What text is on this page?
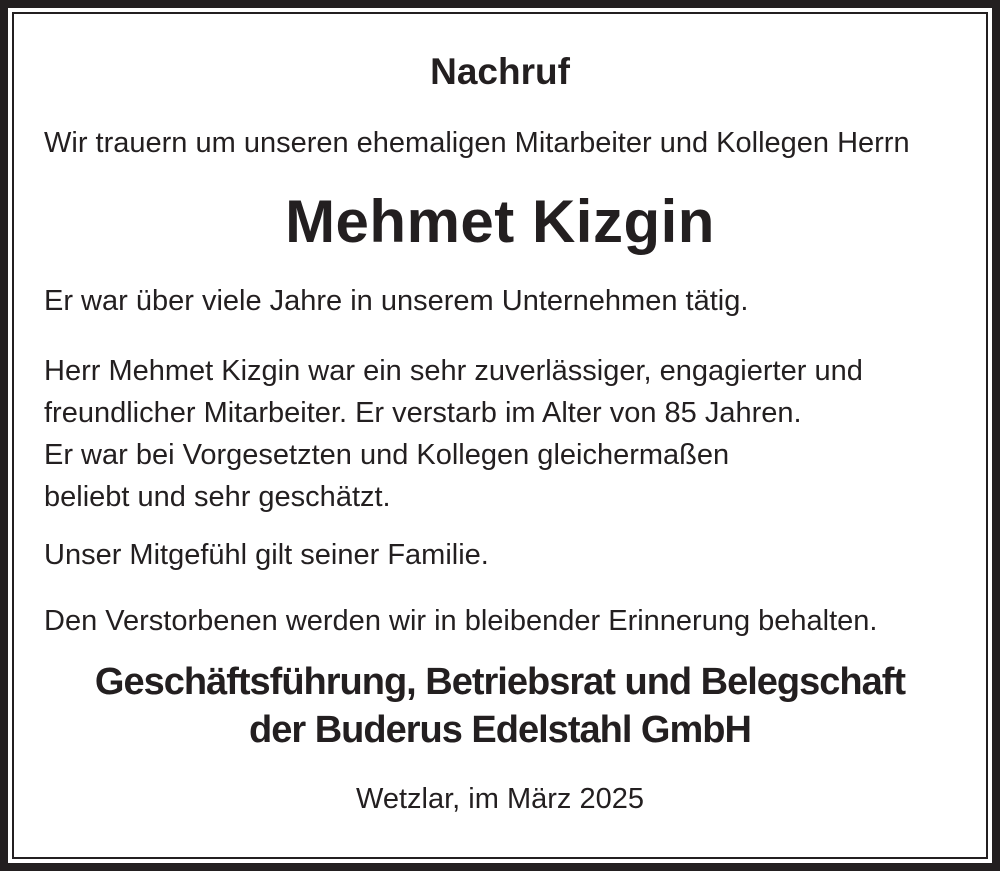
Nachruf
Wir trauern um unseren ehemaligen Mitarbeiter und Kollegen Herrn
Mehmet Kizgin
Er war über viele Jahre in unserem Unternehmen tätig.
Herr Mehmet Kizgin war ein sehr zuverlässiger, engagierter und
freundlicher Mitarbeiter. Er verstarb im Alter von 85 Jahren.
Er war bei Vorgesetzten und Kollegen gleichermaßen
beliebt und sehr geschätzt.
Unser Mitgefühl gilt seiner Familie.
Den Verstorbenen werden wir in bleibender Erinnerung behalten.
Geschäftsführung, Betriebsrat und Belegschaft
der Buderus Edelstahl GmbH
Wetzlar, im März 2025
